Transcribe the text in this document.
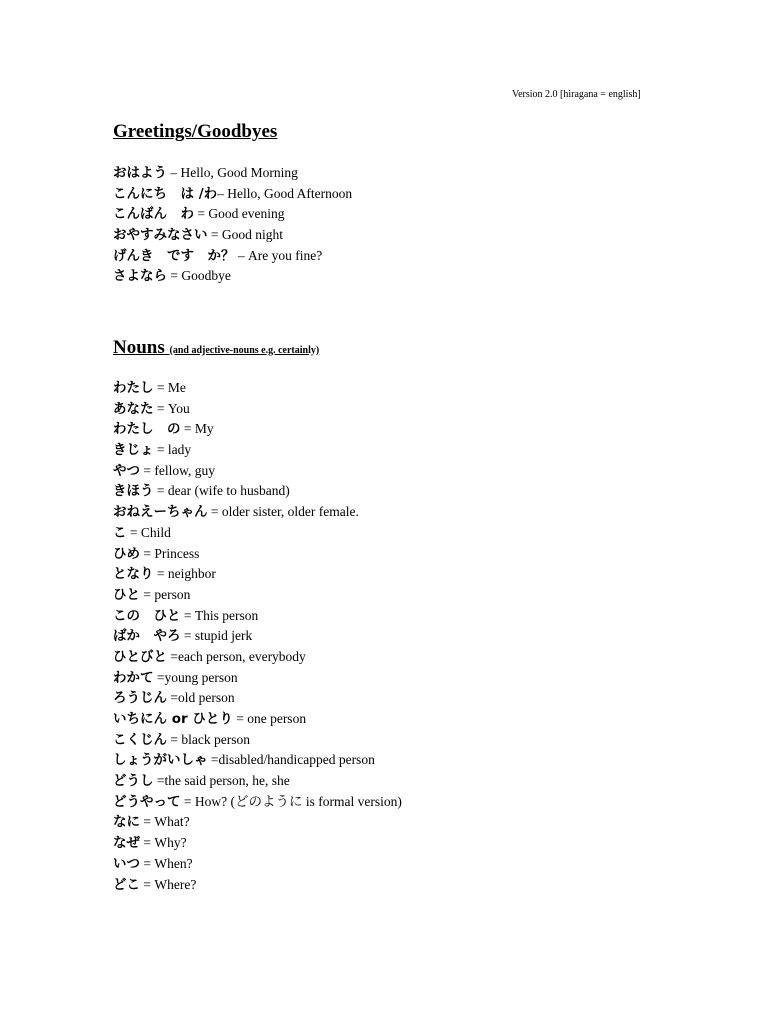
Version 2.0 [hiragana = english]
Greetings/Goodbyes
おはよう – Hello, Good Morning
こんにち　は /わ– Hello, Good Afternoon
こんばん　わ = Good evening
おやすみなさい = Good night
げんき　です　か？ – Are you fine?
さよなら = Goodbye
Nouns (and adjective-nouns e.g. certainly)
わたし = Me
あなた = You
わたし　の = My
きじょ = lady
やつ = fellow, guy
きほう = dear (wife to husband)
おねえーちゃん = older sister, older female.
こ = Child
ひめ = Princess
となり = neighbor
ひと = person
この　ひと = This person
ばか　やろ = stupid jerk
ひとびと =each person, everybody
わかて =young person
ろうじん =old person
いちにん or ひとり = one person
こくじん = black person
しょうがいしゃ =disabled/handicapped person
どうし =the said person, he, she
どうやって = How? (どのように is formal version)
なに = What?
なぜ = Why?
いつ = When?
どこ = Where?
